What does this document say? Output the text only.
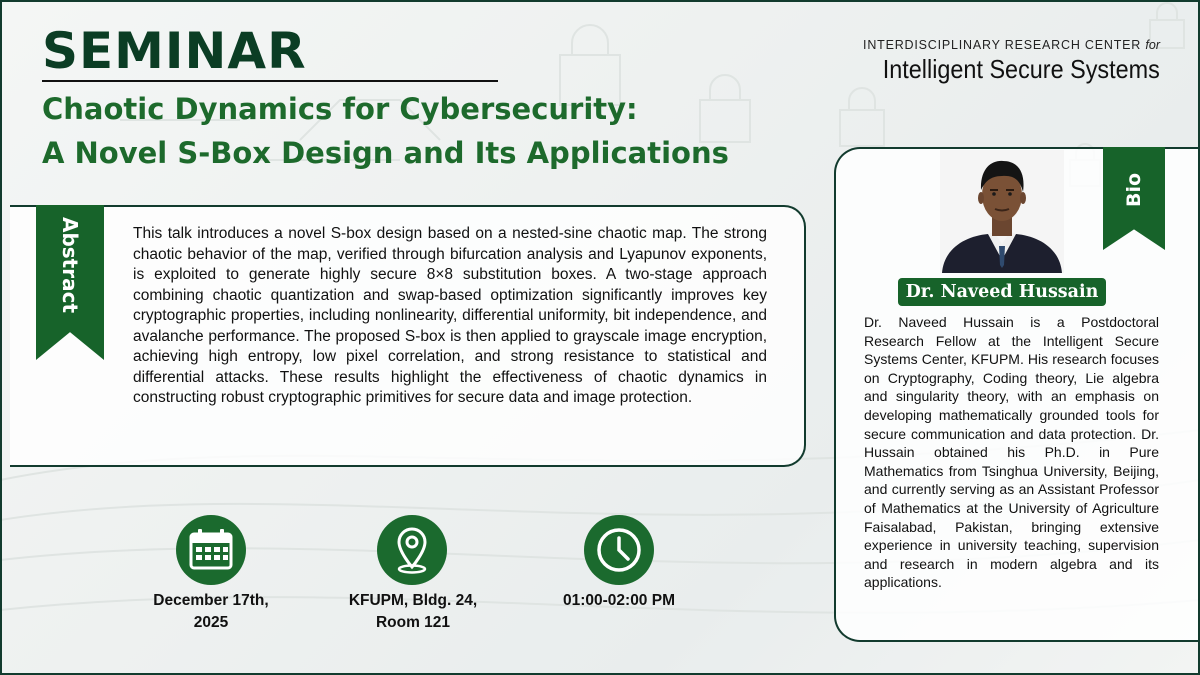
SEMINAR
Chaotic Dynamics for Cybersecurity:
A Novel S-Box Design and Its Applications
INTERDISCIPLINARY RESEARCH CENTER for
Intelligent Secure Systems
Abstract	This talk introduces a novel S-box design based on a nested-sine chaotic map. The strong chaotic behavior of the map, verified through bifurcation analysis and Lyapunov exponents, is exploited to generate highly secure 8×8 substitution boxes. A two-stage approach combining chaotic quantization and swap-based optimization significantly improves key cryptographic properties, including nonlinearity, differential uniformity, bit independence, and avalanche performance. The proposed S-box is then applied to grayscale image encryption, achieving high entropy, low pixel correlation, and strong resistance to statistical and differential attacks. These results highlight the effectiveness of chaotic dynamics in constructing robust cryptographic primitives for secure data and image protection.
December 17th,
2025
KFUPM, Bldg. 24,
Room 121
01:00-02:00 PM
Bio
Dr. Naveed Hussain
Dr. Naveed Hussain is a Postdoctoral Research Fellow at the Intelligent Secure Systems Center, KFUPM. His research focuses on Cryptography, Coding theory, Lie algebra and singularity theory, with an emphasis on developing mathematically grounded tools for secure communication and data protection. Dr. Hussain obtained his Ph.D. in Pure Mathematics from Tsinghua University, Beijing, and currently serving as an Assistant Professor of Mathematics at the University of Agriculture Faisalabad, Pakistan, bringing extensive experience in university teaching, supervision and research in modern algebra and its applications.
